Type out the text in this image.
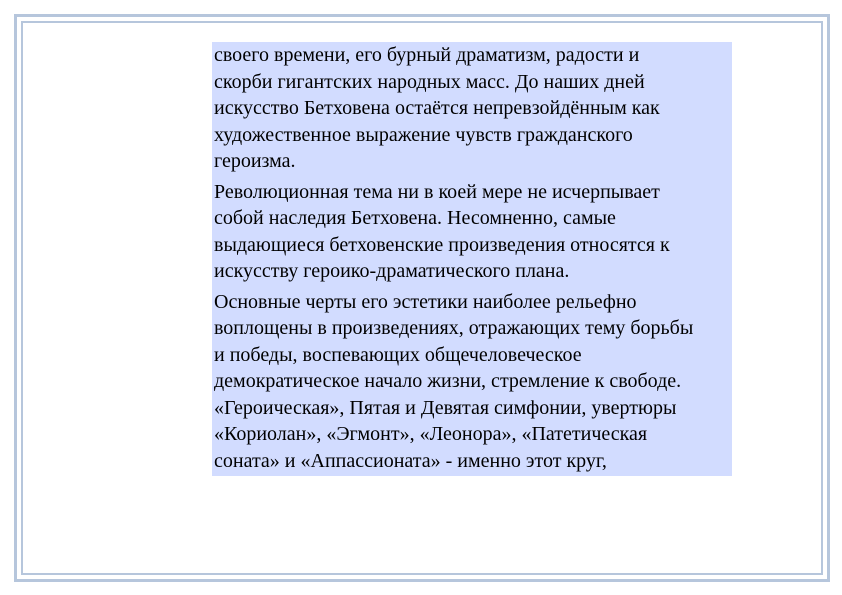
своего времени, его бурный драматизм, радости и
скорби гигантских народных масс. До наших дней
искусство Бетховена остаётся непревзойдённым как
художественное выражение чувств гражданского
героизма.

Революционная тема ни в коей мере не исчерпывает
собой наследия Бетховена. Несомненно, самые
выдающиеся бетховенские произведения относятся к
искусству героико-драматического плана.

Основные черты его эстетики наиболее рельефно
воплощены в произведениях, отражающих тему борьбы
и победы, воспевающих общечеловеческое
демократическое начало жизни, стремление к свободе.
«Героическая», Пятая и Девятая симфонии, увертюры
«Кориолан», «Эгмонт», «Леонора», «Патетическая
соната» и «Аппассионата» - именно этот круг,
